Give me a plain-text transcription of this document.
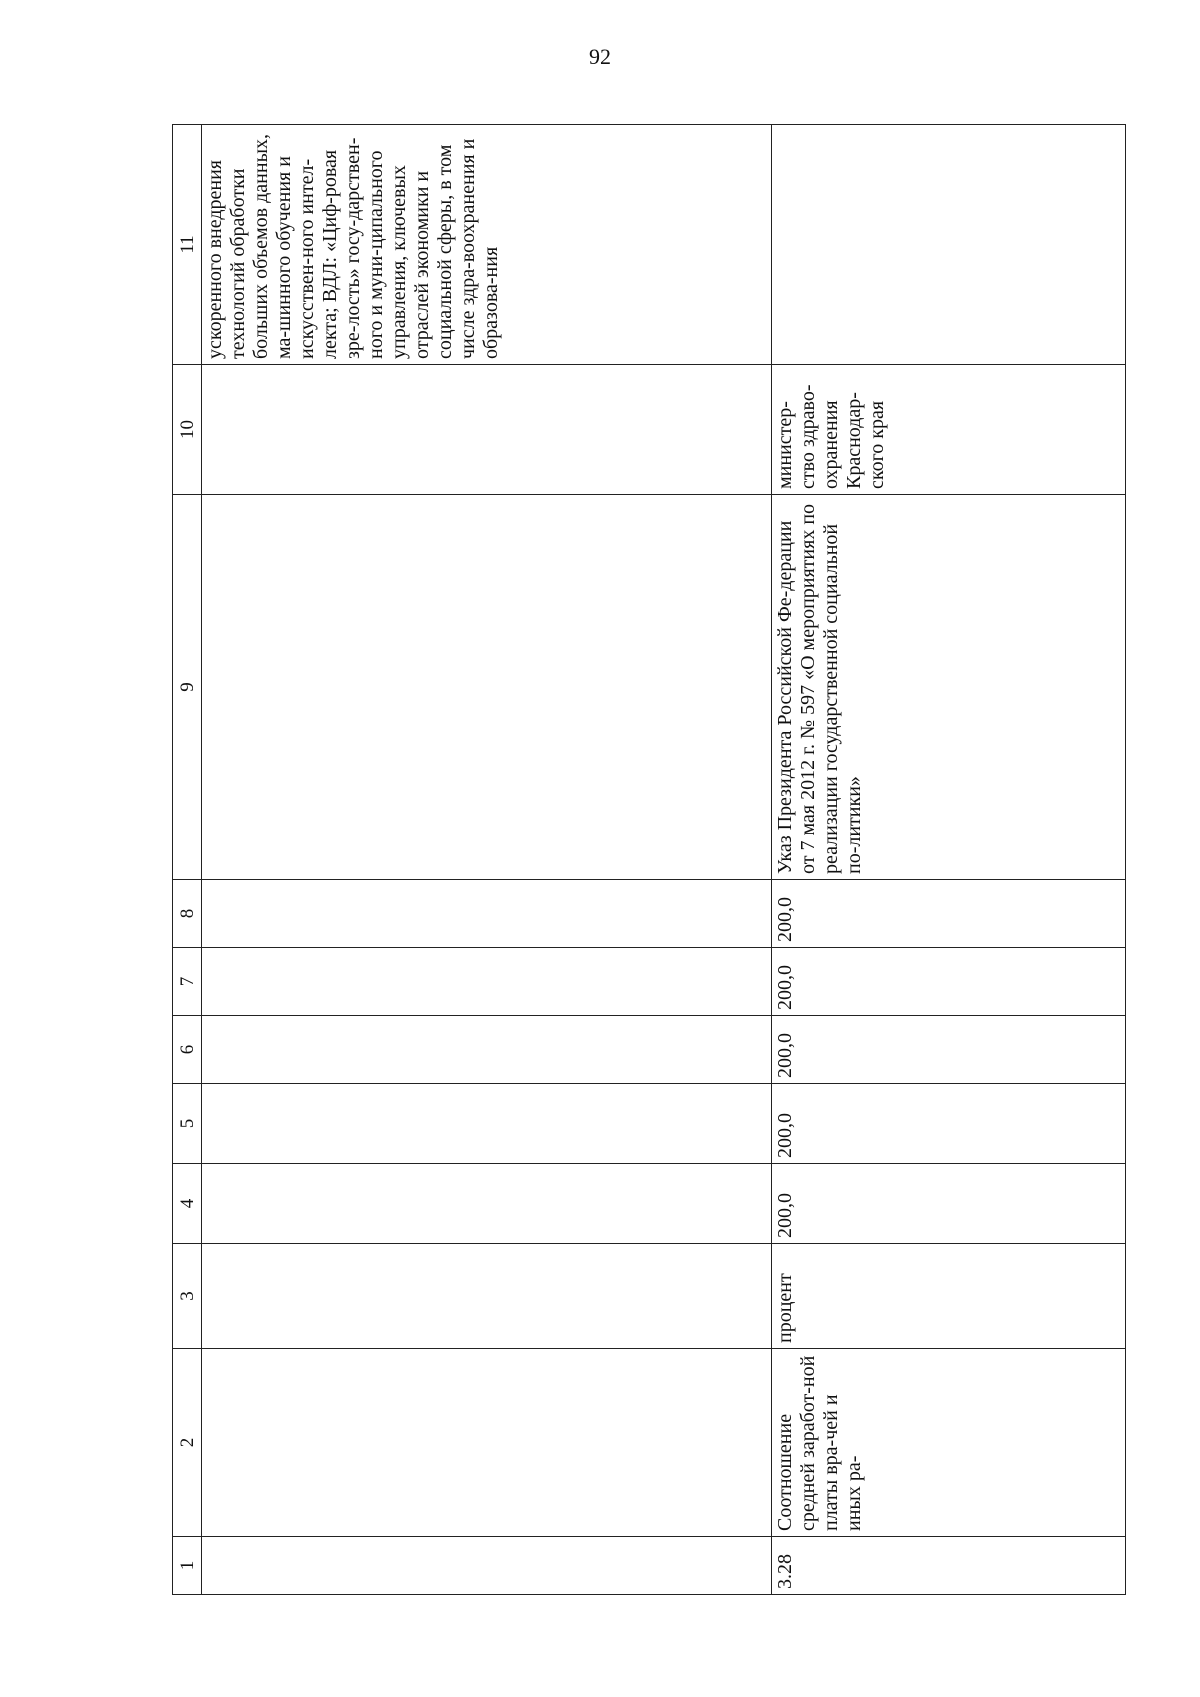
92
1	2	3	4	5	6	7	8	9	10	11
										ускоренного внедрения технологий обработки больших объемов данных, ма-шинного обучения и искусствен-ного интел-лекта; ВДЛ: «Циф-ровая зре-лость» госу-дарствен-ного и муни-ципального управления, ключевых отраслей экономики и социальной сферы, в том числе здра-воохранения и образова-ния
3.28	Соотношение средней заработ-ной платы вра-чей и иных ра-	процент	200,0	200,0	200,0	200,0	200,0	Указ Президента Российской Фе-дерации от 7 мая 2012 г. № 597 «О мероприятиях по реализации государственной социальной по-литики»	министер-ство здраво-охранения Краснодар-ского края	
